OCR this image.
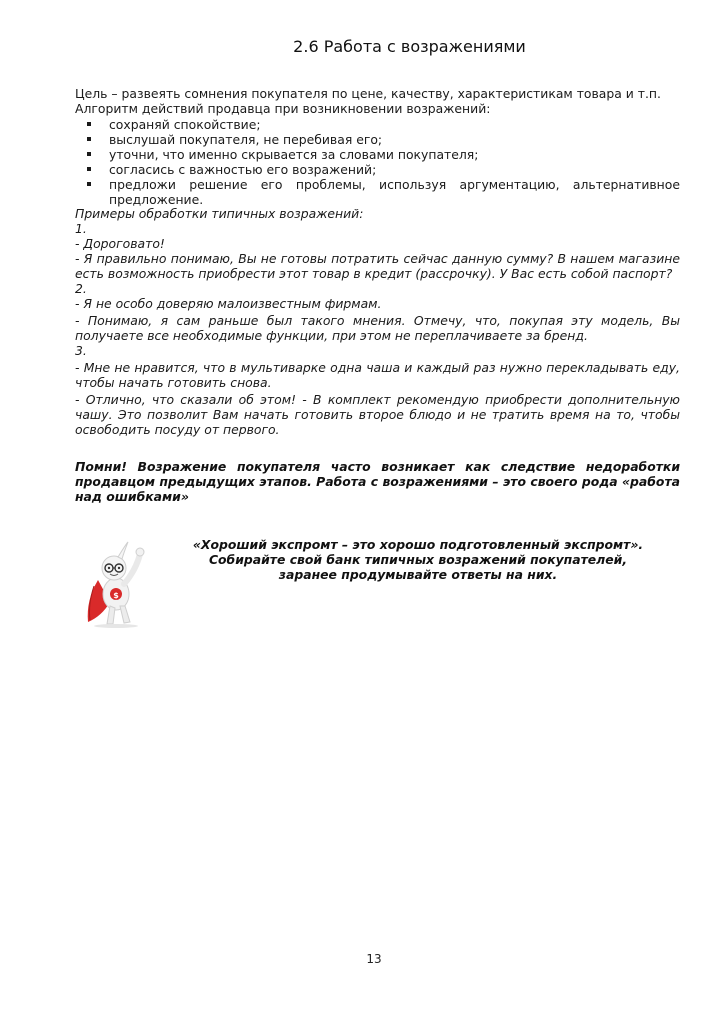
2.6 Работа с возражениями

Цель – развеять сомнения покупателя по цене, качеству, характеристикам товара и т.п.

Алгоритм действий продавца при возникновении возражений:

сохраняй спокойствие;
выслушай покупателя, не перебивая его;
уточни, что именно скрывается за словами покупателя;
согласись с важностью его возражений;
предложи решение его проблемы, используя аргументацию, альтернативное предложение.

Примеры обработки типичных возражений:

1.

- Дороговато!

- Я правильно понимаю, Вы не готовы потратить сейчас данную сумму? В нашем магазине есть возможность приобрести этот товар в кредит (рассрочку). У Вас есть собой паспорт?

2.

- Я не особо доверяю малоизвестным фирмам.

- Понимаю, я сам раньше был такого мнения. Отмечу, что, покупая эту модель, Вы получаете все необходимые функции, при этом не переплачиваете за бренд.

3.

- Мне не нравится, что в мультиварке одна чаша и каждый раз нужно перекладывать еду, чтобы начать готовить снова.

- Отлично, что сказали об этом! - В комплект рекомендую приобрести дополнительную чашу. Это позволит Вам начать готовить второе блюдо и не тратить время на то, чтобы освободить посуду от первого.

Помни! Возражение покупателя часто возникает как следствие недоработки продавцом предыдущих этапов. Работа с возражениями – это своего рода «работа над ошибками»
$
«Хороший экспромт – это хорошо подготовленный экспромт».
Собирайте свой банк типичных возражений покупателей, заранее продумывайте ответы на них.
13
